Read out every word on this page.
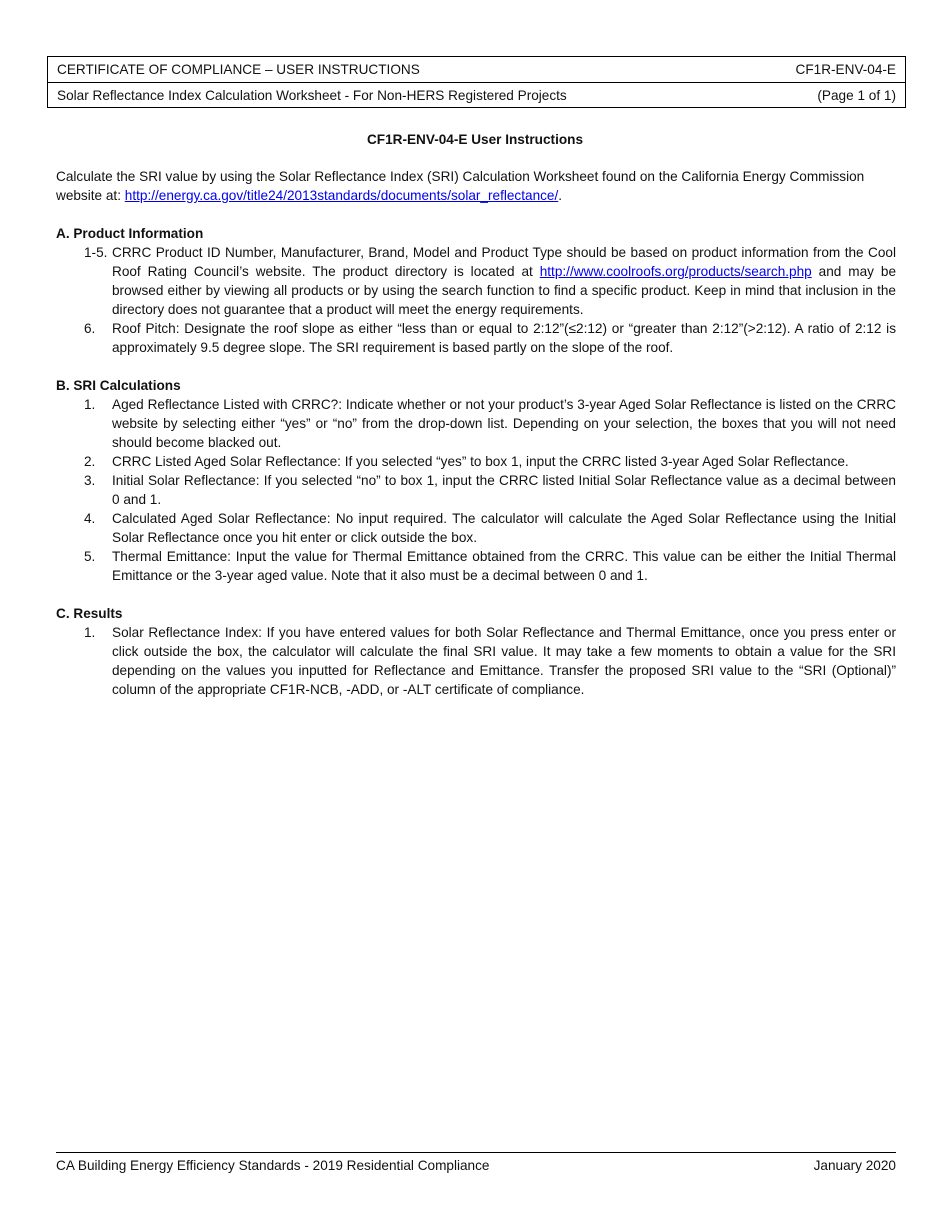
CERTIFICATE OF COMPLIANCE – USER INSTRUCTIONS	CF1R-ENV-04-E
Solar Reflectance Index Calculation Worksheet - For Non-HERS Registered Projects	(Page 1 of 1)
CF1R-ENV-04-E User Instructions

Calculate the SRI value by using the Solar Reflectance Index (SRI) Calculation Worksheet found on the California Energy Commission website at: http://energy.ca.gov/title24/2013standards/documents/solar_reflectance/.

A. Product Information

1-5. CRRC Product ID Number, Manufacturer, Brand, Model and Product Type should be based on product information from the Cool Roof Rating Council’s website. The product directory is located at http://www.coolroofs.org/products/search.php and may be browsed either by viewing all products or by using the search function to find a specific product. Keep in mind that inclusion in the directory does not guarantee that a product will meet the energy requirements.

6. Roof Pitch: Designate the roof slope as either “less than or equal to 2:12”(≤2:12) or “greater than 2:12”(>2:12). A ratio of 2:12 is approximately 9.5 degree slope. The SRI requirement is based partly on the slope of the roof.

B. SRI Calculations

1. Aged Reflectance Listed with CRRC?: Indicate whether or not your product’s 3-year Aged Solar Reflectance is listed on the CRRC website by selecting either “yes” or “no” from the drop-down list. Depending on your selection, the boxes that you will not need should become blacked out.

2. CRRC Listed Aged Solar Reflectance: If you selected “yes” to box 1, input the CRRC listed 3-year Aged Solar Reflectance.

3. Initial Solar Reflectance: If you selected “no” to box 1, input the CRRC listed Initial Solar Reflectance value as a decimal between 0 and 1.

4. Calculated Aged Solar Reflectance: No input required. The calculator will calculate the Aged Solar Reflectance using the Initial Solar Reflectance once you hit enter or click outside the box.

5. Thermal Emittance: Input the value for Thermal Emittance obtained from the CRRC. This value can be either the Initial Thermal Emittance or the 3-year aged value. Note that it also must be a decimal between 0 and 1.

C. Results

1. Solar Reflectance Index: If you have entered values for both Solar Reflectance and Thermal Emittance, once you press enter or click outside the box, the calculator will calculate the final SRI value. It may take a few moments to obtain a value for the SRI depending on the values you inputted for Reflectance and Emittance. Transfer the proposed SRI value to the “SRI (Optional)” column of the appropriate CF1R-NCB, -ADD, or -ALT certificate of compliance.

CA Building Energy Efficiency Standards - 2019 Residential Compliance	January 2020
